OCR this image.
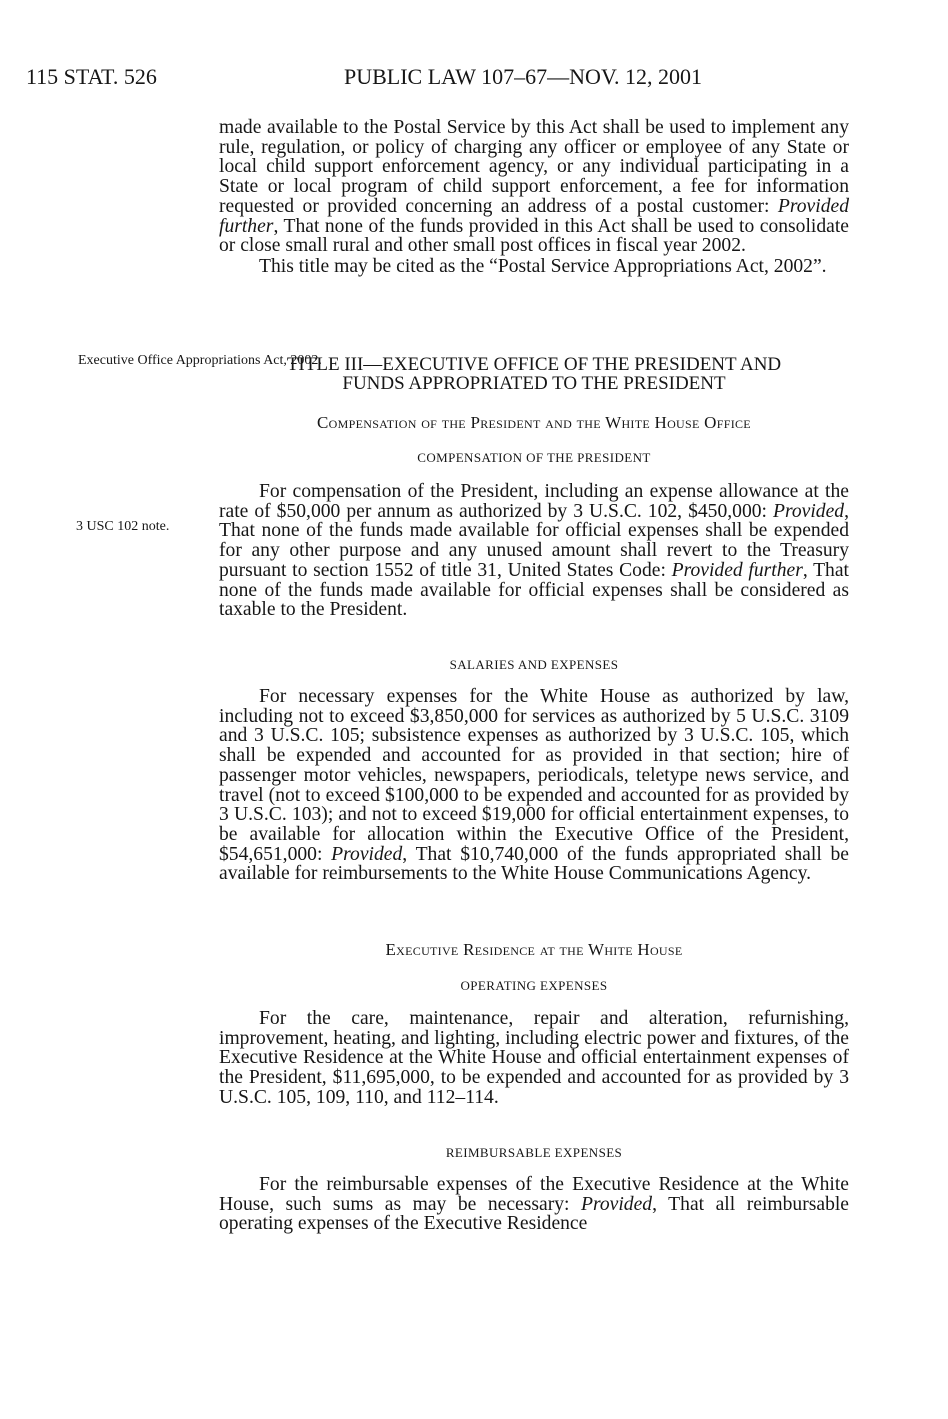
115 STAT. 526	PUBLIC LAW 107–67—NOV. 12, 2001

made available to the Postal Service by this Act shall be used to implement any rule, regulation, or policy of charging any officer or employee of any State or local child support enforcement agency, or any individual participating in a State or local program of child support enforcement, a fee for information requested or provided concerning an address of a postal customer: Provided further, That none of the funds provided in this Act shall be used to consolidate or close small rural and other small post offices in fiscal year 2002.

This title may be cited as the “Postal Service Appropriations Act, 2002”.

Executive Office Appropriations Act, 2002.
TITLE III—EXECUTIVE OFFICE OF THE PRESIDENT AND
FUNDS APPROPRIATED TO THE PRESIDENT
Compensation of the President and the White House Office
COMPENSATION OF THE PRESIDENT
3 USC 102 note.

For compensation of the President, including an expense allowance at the rate of $50,000 per annum as authorized by 3 U.S.C. 102, $450,000: Provided, That none of the funds made available for official expenses shall be expended for any other purpose and any unused amount shall revert to the Treasury pursuant to section 1552 of title 31, United States Code: Provided further, That none of the funds made available for official expenses shall be considered as taxable to the President.

SALARIES AND EXPENSES

For necessary expenses for the White House as authorized by law, including not to exceed $3,850,000 for services as authorized by 5 U.S.C. 3109 and 3 U.S.C. 105; subsistence expenses as authorized by 3 U.S.C. 105, which shall be expended and accounted for as provided in that section; hire of passenger motor vehicles, newspapers, periodicals, teletype news service, and travel (not to exceed $100,000 to be expended and accounted for as provided by 3 U.S.C. 103); and not to exceed $19,000 for official entertainment expenses, to be available for allocation within the Executive Office of the President, $54,651,000: Provided, That $10,740,000 of the funds appropriated shall be available for reimbursements to the White House Communications Agency.

Executive Residence at the White House
OPERATING EXPENSES

For the care, maintenance, repair and alteration, refurnishing, improvement, heating, and lighting, including electric power and fixtures, of the Executive Residence at the White House and official entertainment expenses of the President, $11,695,000, to be expended and accounted for as provided by 3 U.S.C. 105, 109, 110, and 112–114.

REIMBURSABLE EXPENSES

For the reimbursable expenses of the Executive Residence at the White House, such sums as may be necessary: Provided, That all reimbursable operating expenses of the Executive Residence
